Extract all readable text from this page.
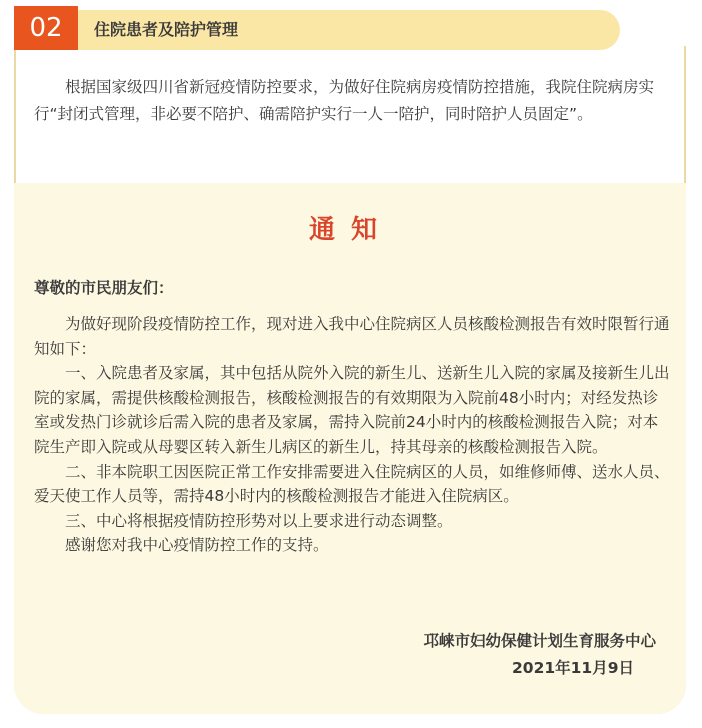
02	住院患者及陪护管理

根据国家级四川省新冠疫情防控要求，为做好住院病房疫情防控措施，我院住院病房实行“封闭式管理，非必要不陪护、确需陪护实行一人一陪护，同时陪护人员固定”。

通知

尊敬的市民朋友们：

为做好现阶段疫情防控工作，现对进入我中心住院病区人员核酸检测报告有效时限暂行通知如下：

一、入院患者及家属，其中包括从院外入院的新生儿、送新生儿入院的家属及接新生儿出院的家属，需提供核酸检测报告，核酸检测报告的有效期限为入院前48小时内；对经发热诊室或发热门诊就诊后需入院的患者及家属，需持入院前24小时内的核酸检测报告入院；对本院生产即入院或从母婴区转入新生儿病区的新生儿，持其母亲的核酸检测报告入院。

二、非本院职工因医院正常工作安排需要进入住院病区的人员，如维修师傅、送水人员、爱天使工作人员等，需持48小时内的核酸检测报告才能进入住院病区。

三、中心将根据疫情防控形势对以上要求进行动态调整。

感谢您对我中心疫情防控工作的支持。

邛崃市妇幼保健计划生育服务中心
2021年11月9日
